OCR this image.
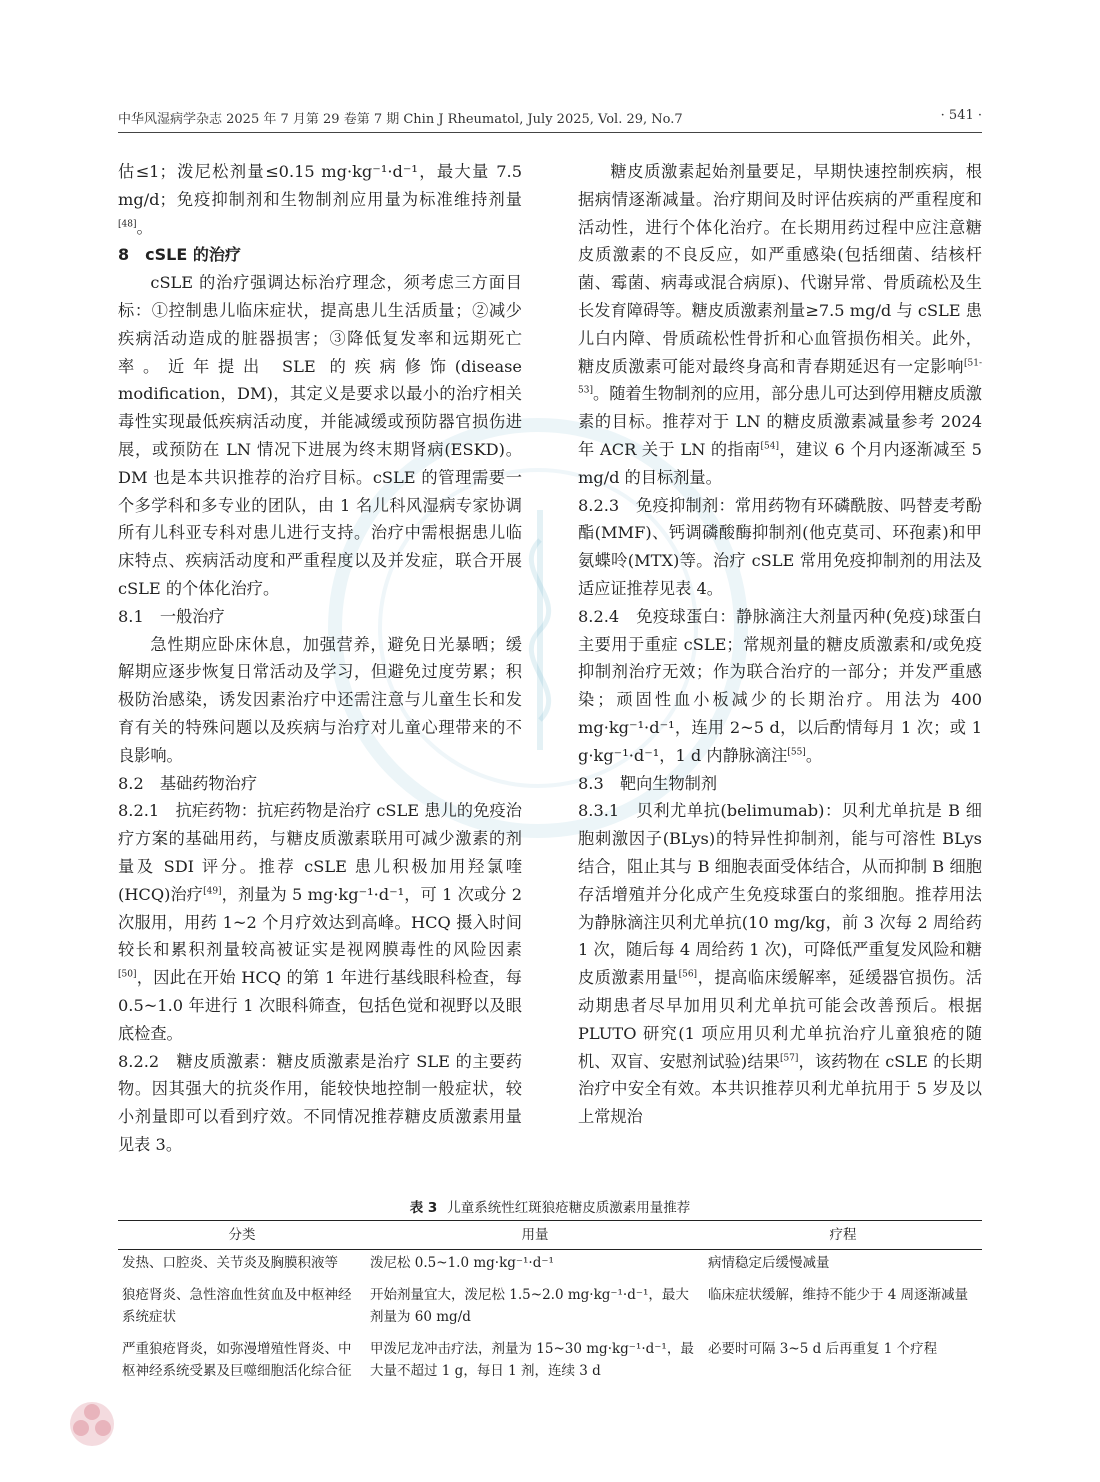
中华风湿病学杂志 2025 年 7 月第 29 卷第 7 期 Chin J Rheumatol, July 2025, Vol. 29, No.7	· 541 ·

估≤1；泼尼松剂量≤0.15 mg·kg⁻¹·d⁻¹，最大量 7.5 mg/d；免疫抑制剂和生物制剂应用量为标准维持剂量[48]。

8　cSLE 的治疗

cSLE 的治疗强调达标治疗理念，须考虑三方面目标：①控制患儿临床症状，提高患儿生活质量；②减少疾病活动造成的脏器损害；③降低复发率和远期死亡率。近年提出 SLE 的疾病修饰(disease modification，DM)，其定义是要求以最小的治疗相关毒性实现最低疾病活动度，并能减缓或预防器官损伤进展，或预防在 LN 情况下进展为终末期肾病(ESKD)。DM 也是本共识推荐的治疗目标。cSLE 的管理需要一个多学科和多专业的团队，由 1 名儿科风湿病专家协调所有儿科亚专科对患儿进行支持。治疗中需根据患儿临床特点、疾病活动度和严重程度以及并发症，联合开展 cSLE 的个体化治疗。

8.1　一般治疗

急性期应卧床休息，加强营养，避免日光暴晒；缓解期应逐步恢复日常活动及学习，但避免过度劳累；积极防治感染，诱发因素治疗中还需注意与儿童生长和发育有关的特殊问题以及疾病与治疗对儿童心理带来的不良影响。

8.2　基础药物治疗

8.2.1　抗疟药物：抗疟药物是治疗 cSLE 患儿的免疫治疗方案的基础用药，与糖皮质激素联用可减少激素的剂量及 SDI 评分。推荐 cSLE 患儿积极加用羟氯喹(HCQ)治疗[49]，剂量为 5 mg·kg⁻¹·d⁻¹，可 1 次或分 2 次服用，用药 1~2 个月疗效达到高峰。HCQ 摄入时间较长和累积剂量较高被证实是视网膜毒性的风险因素[50]，因此在开始 HCQ 的第 1 年进行基线眼科检查，每 0.5~1.0 年进行 1 次眼科筛查，包括色觉和视野以及眼底检查。

8.2.2　糖皮质激素：糖皮质激素是治疗 SLE 的主要药物。因其强大的抗炎作用，能较快地控制一般症状，较小剂量即可以看到疗效。不同情况推荐糖皮质激素用量见表 3。

糖皮质激素起始剂量要足，早期快速控制疾病，根据病情逐渐减量。治疗期间及时评估疾病的严重程度和活动性，进行个体化治疗。在长期用药过程中应注意糖皮质激素的不良反应，如严重感染(包括细菌、结核杆菌、霉菌、病毒或混合病原)、代谢异常、骨质疏松及生长发育障碍等。糖皮质激素剂量≥7.5 mg/d 与 cSLE 患儿白内障、骨质疏松性骨折和心血管损伤相关。此外，糖皮质激素可能对最终身高和青春期延迟有一定影响[51-53]。随着生物制剂的应用，部分患儿可达到停用糖皮质激素的目标。推荐对于 LN 的糖皮质激素减量参考 2024 年 ACR 关于 LN 的指南[54]，建议 6 个月内逐渐减至 5 mg/d 的目标剂量。

8.2.3　免疫抑制剂：常用药物有环磷酰胺、吗替麦考酚酯(MMF)、钙调磷酸酶抑制剂(他克莫司、环孢素)和甲氨蝶呤(MTX)等。治疗 cSLE 常用免疫抑制剂的用法及适应证推荐见表 4。

8.2.4　免疫球蛋白：静脉滴注大剂量丙种(免疫)球蛋白主要用于重症 cSLE；常规剂量的糖皮质激素和/或免疫抑制剂治疗无效；作为联合治疗的一部分；并发严重感染；顽固性血小板减少的长期治疗。用法为 400 mg·kg⁻¹·d⁻¹，连用 2~5 d，以后酌情每月 1 次；或 1 g·kg⁻¹·d⁻¹，1 d 内静脉滴注[55]。

8.3　靶向生物制剂

8.3.1　贝利尤单抗(belimumab)：贝利尤单抗是 B 细胞刺激因子(BLys)的特异性抑制剂，能与可溶性 BLys 结合，阻止其与 B 细胞表面受体结合，从而抑制 B 细胞存活增殖并分化成产生免疫球蛋白的浆细胞。推荐用法为静脉滴注贝利尤单抗(10 mg/kg，前 3 次每 2 周给药 1 次，随后每 4 周给药 1 次)，可降低严重复发风险和糖皮质激素用量[56]，提高临床缓解率，延缓器官损伤。活动期患者尽早加用贝利尤单抗可能会改善预后。根据 PLUTO 研究(1 项应用贝利尤单抗治疗儿童狼疮的随机、双盲、安慰剂试验)结果[57]，该药物在 cSLE 的长期治疗中安全有效。本共识推荐贝利尤单抗用于 5 岁及以上常规治

表 3 儿童系统性红斑狼疮糖皮质激素用量推荐
分类	用量	疗程
发热、口腔炎、关节炎及胸膜积液等	泼尼松 0.5~1.0 mg·kg⁻¹·d⁻¹	病情稳定后缓慢减量
狼疮肾炎、急性溶血性贫血及中枢神经系统症状	开始剂量宜大，泼尼松 1.5~2.0 mg·kg⁻¹·d⁻¹，最大剂量为 60 mg/d	临床症状缓解，维持不能少于 4 周逐渐减量
严重狼疮肾炎，如弥漫增殖性肾炎、中枢神经系统受累及巨噬细胞活化综合征	甲泼尼龙冲击疗法，剂量为 15~30 mg·kg⁻¹·d⁻¹，最大量不超过 1 g，每日 1 剂，连续 3 d	必要时可隔 3~5 d 后再重复 1 个疗程
